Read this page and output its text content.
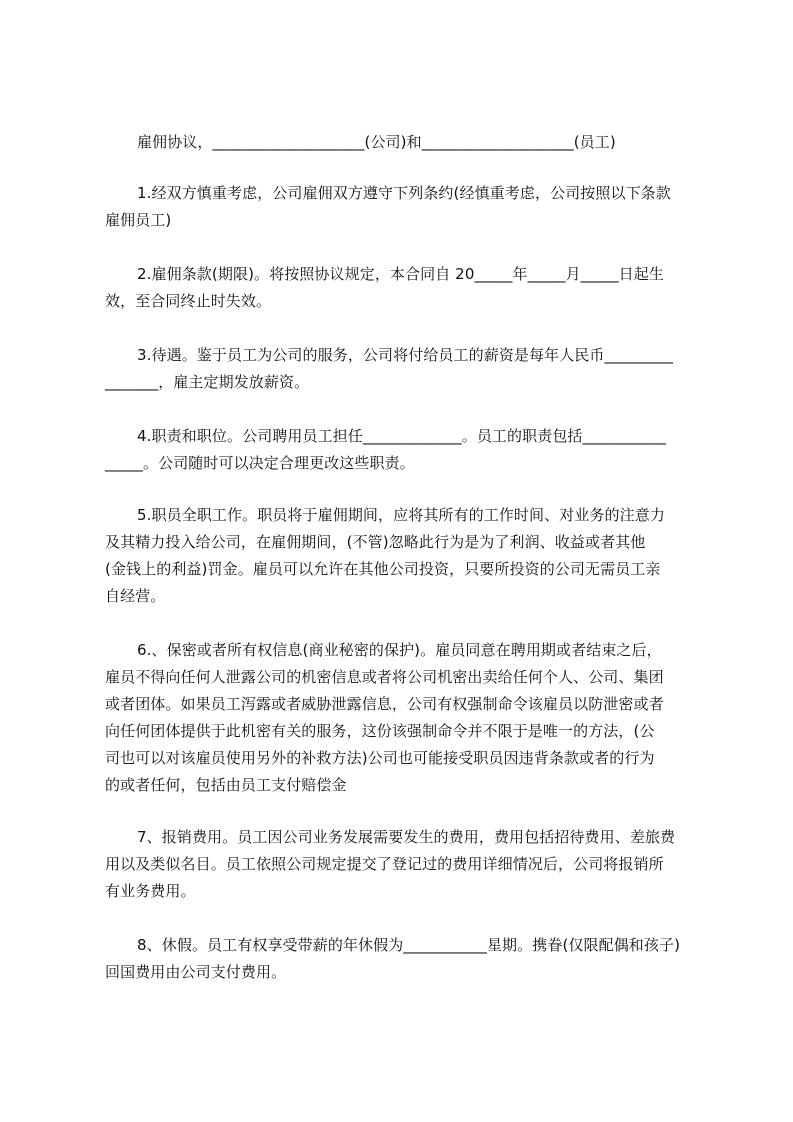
雇佣协议，____________________(公司)和____________________(员工)
1.经双方慎重考虑，公司雇佣双方遵守下列条约(经慎重考虑，公司按照以下条款
雇佣员工)
2.雇佣条款(期限)。将按照协议规定，本合同自 20_____年_____月_____日起生
效，至合同终止时失效。
3.待遇。鉴于员工为公司的服务，公司将付给员工的薪资是每年人民币_________
_______，雇主定期发放薪资。
4.职责和职位。公司聘用员工担任_____________。员工的职责包括___________
_____。公司随时可以决定合理更改这些职责。
5.职员全职工作。职员将于雇佣期间，应将其所有的工作时间、对业务的注意力
及其精力投入给公司，在雇佣期间，(不管)忽略此行为是为了利润、收益或者其他
(金钱上的利益)罚金。雇员可以允许在其他公司投资，只要所投资的公司无需员工亲
自经营。
6.、保密或者所有权信息(商业秘密的保护)。雇员同意在聘用期或者结束之后，
雇员不得向任何人泄露公司的机密信息或者将公司机密出卖给任何个人、公司、集团
或者团体。如果员工泻露或者威胁泄露信息，公司有权强制命令该雇员以防泄密或者
向任何团体提供于此机密有关的服务，这份该强制命令并不限于是唯一的方法，(公
司也可以对该雇员使用另外的补救方法)公司也可能接受职员因违背条款或者的行为
的或者任何，包括由员工支付赔偿金
7、报销费用。员工因公司业务发展需要发生的费用，费用包括招待费用、差旅费
用以及类似名目。员工依照公司规定提交了登记过的费用详细情况后，公司将报销所
有业务费用。
8、休假。员工有权享受带薪的年休假为___________星期。携眷(仅限配偶和孩子)
回国费用由公司支付费用。
